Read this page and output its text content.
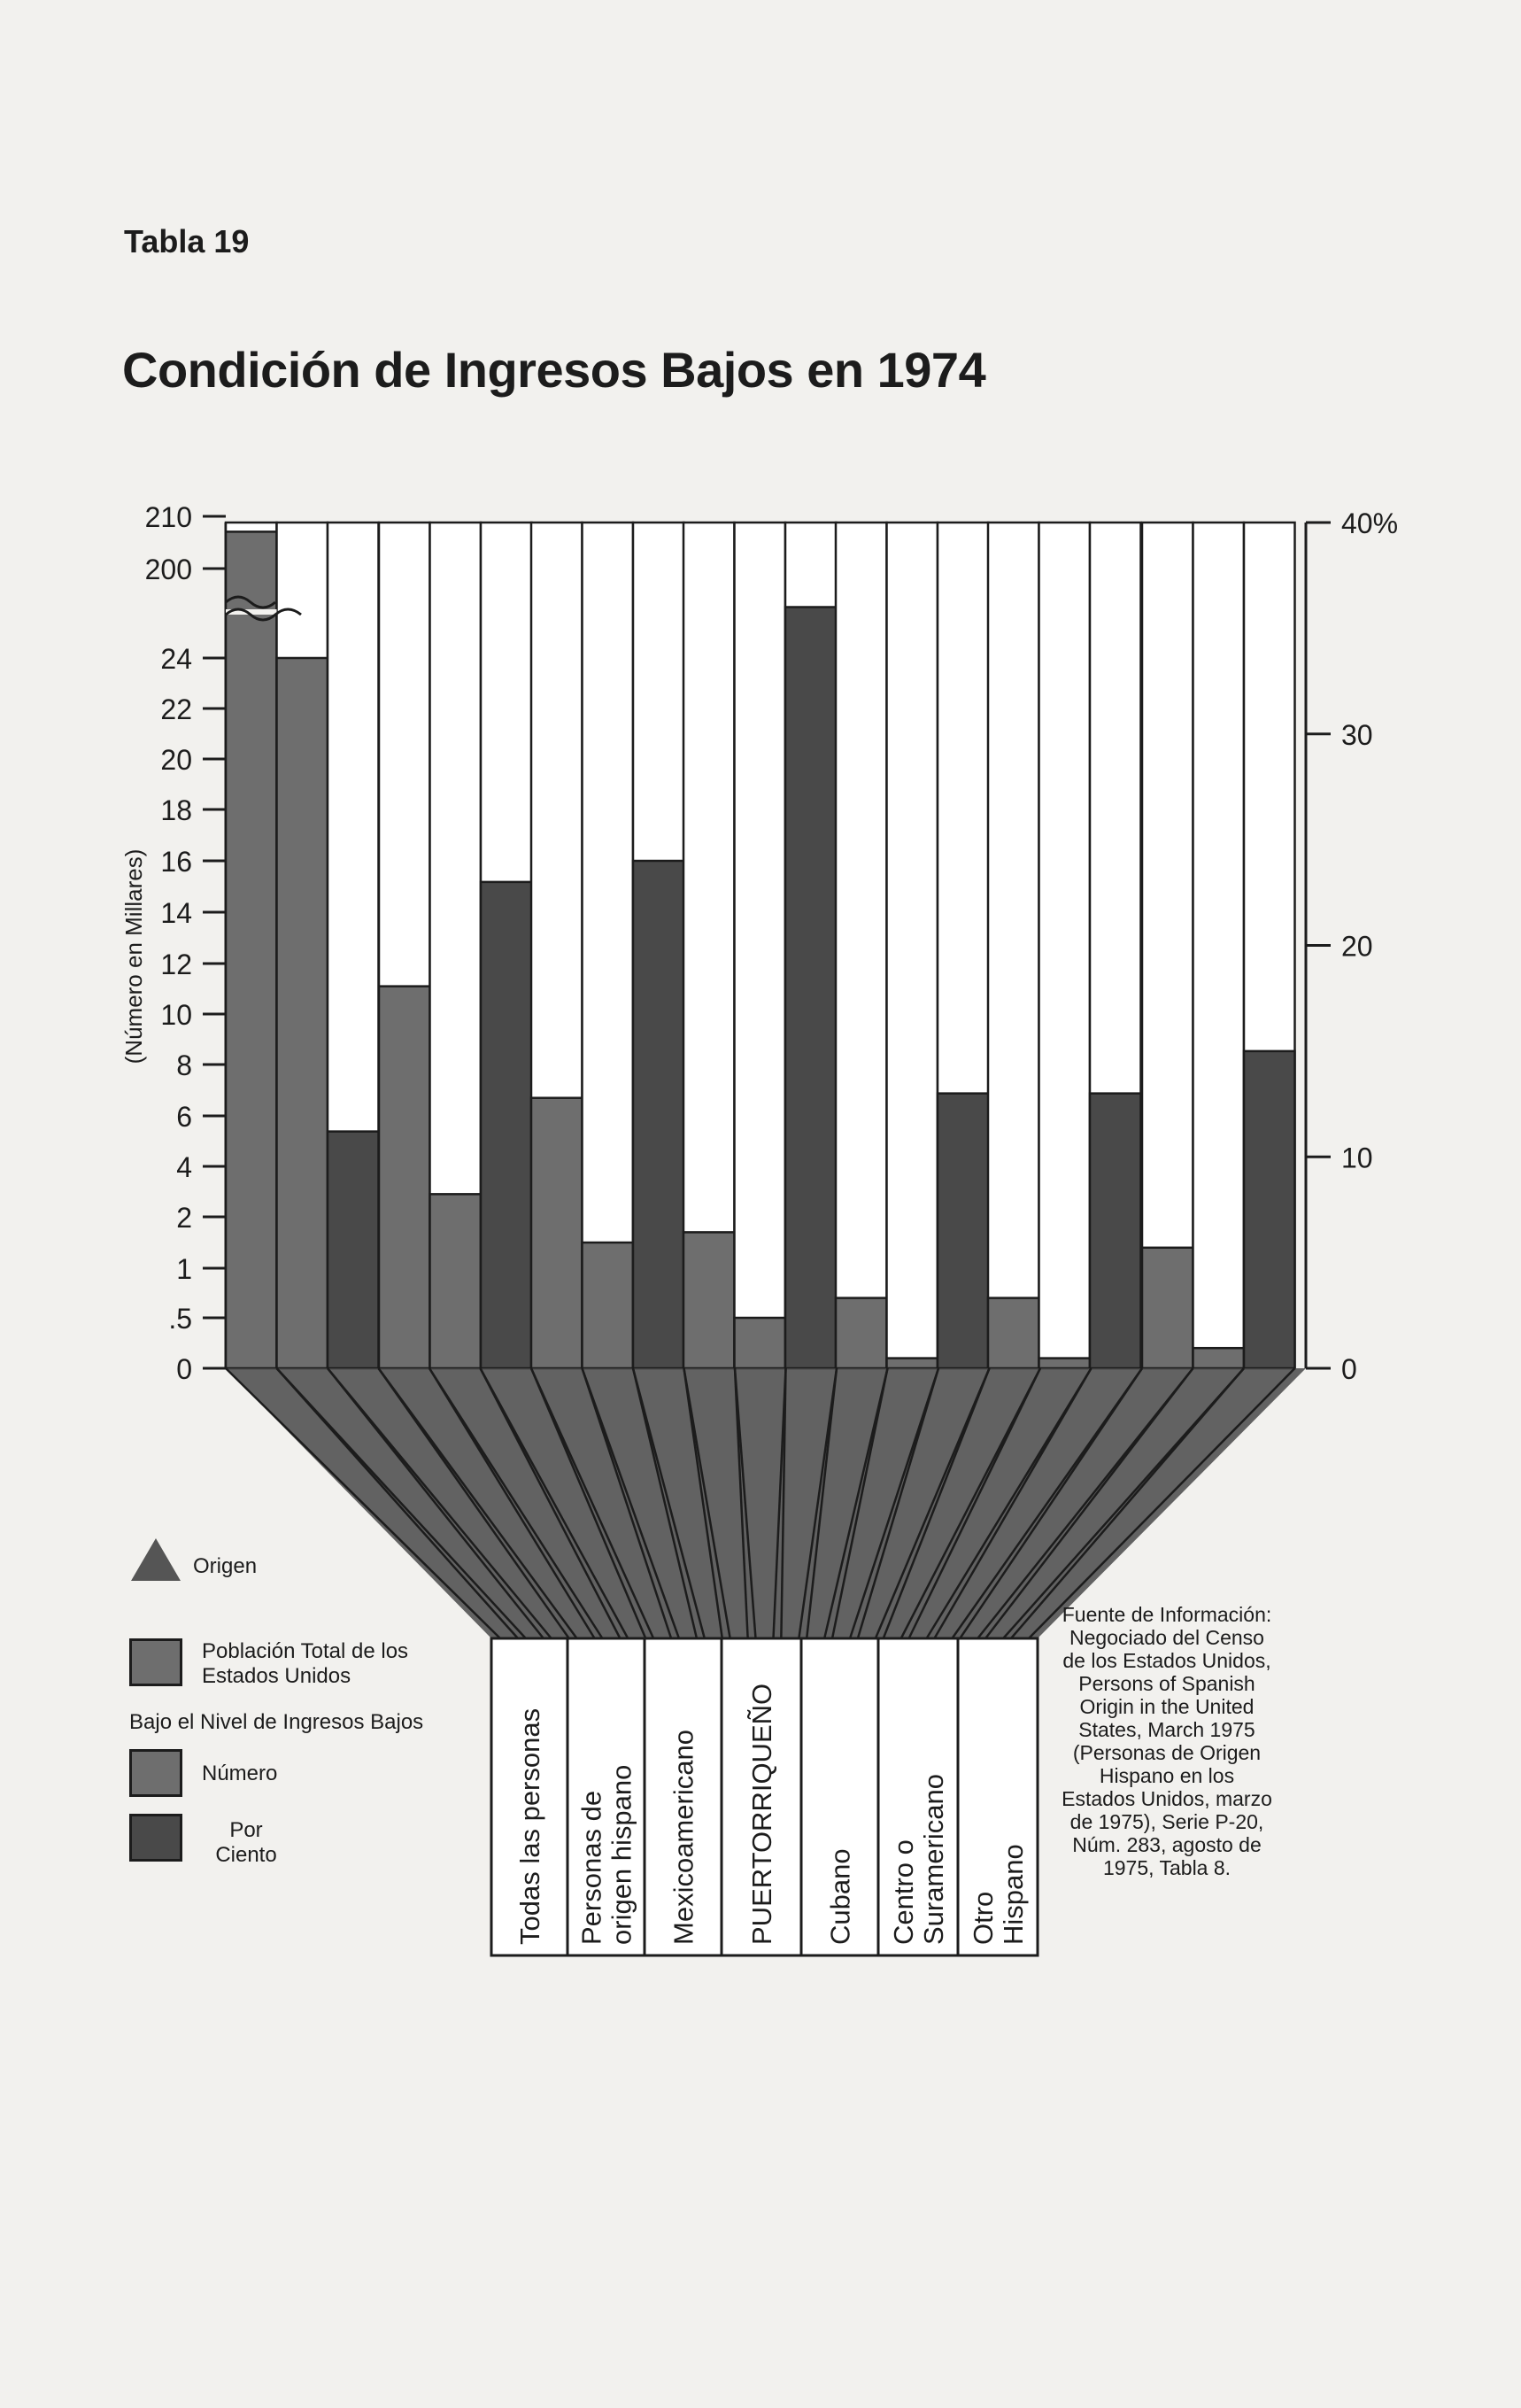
Tabla 19
Condición de Ingresos Bajos en 1974
210
200
24
22
20
18
16
14
12
10
8
6
4
2
1
.5
0
(Número en Millares)
40%
30
20
10
0
Todas las personas Personas de origen hispano Mexicoamericano PUERTORRIQUEÑO Cubano Centro o Suramericano Otro Hispano
Origen
Población Total de los Estados Unidos
Bajo el Nivel de Ingresos Bajos
Número
Por Ciento
Fuente de Información: Negociado del Censo de los Estados Unidos, Persons of Spanish Origin in the United States, March 1975 (Personas de Origen Hispano en los Estados Unidos, marzo de 1975), Serie P-20, Núm. 283, agosto de 1975, Tabla 8.
